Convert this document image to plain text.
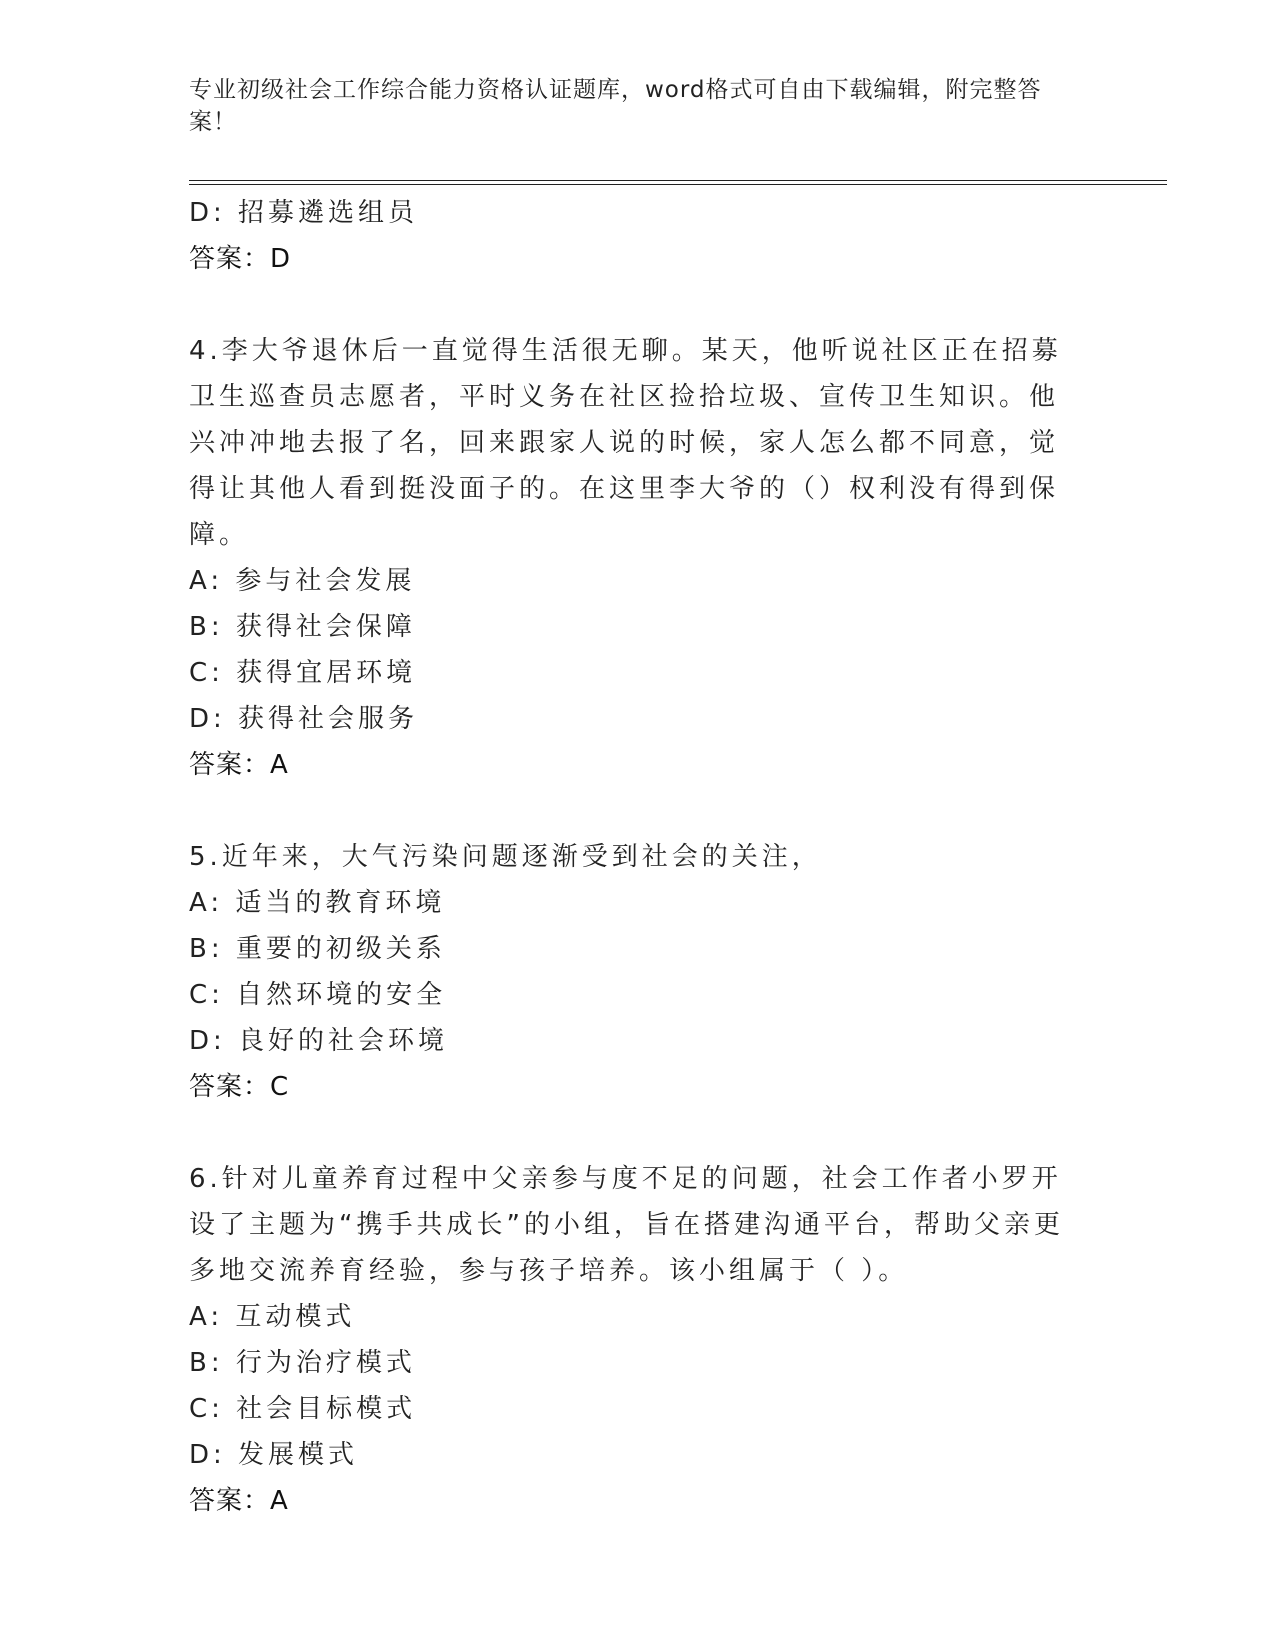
专业初级社会工作综合能力资格认证题库，word格式可自由下载编辑，附完整答案！
D: 招募遴选组员
答案：D
4.李大爷退休后一直觉得生活很无聊。某天，他听说社区正在招募卫生巡查员志愿者，平时义务在社区捡拾垃圾、宣传卫生知识。他兴冲冲地去报了名，回来跟家人说的时候，家人怎么都不同意，觉得让其他人看到挺没面子的。在这里李大爷的（）权利没有得到保障。
A: 参与社会发展
B: 获得社会保障
C: 获得宜居环境
D: 获得社会服务
答案：A
5.近年来，大气污染问题逐渐受到社会的关注，
A: 适当的教育环境
B: 重要的初级关系
C: 自然环境的安全
D: 良好的社会环境
答案：C
6.针对儿童养育过程中父亲参与度不足的问题，社会工作者小罗开设了主题为“携手共成长”的小组，旨在搭建沟通平台，帮助父亲更多地交流养育经验，参与孩子培养。该小组属于（ ）。
A: 互动模式
B: 行为治疗模式
C: 社会目标模式
D: 发展模式
答案：A
